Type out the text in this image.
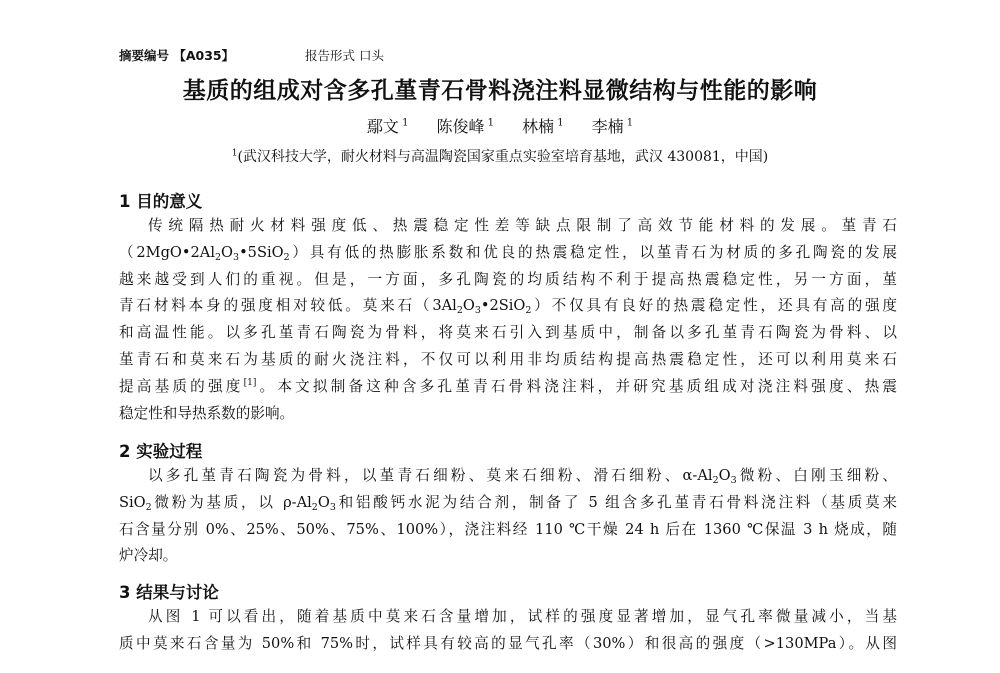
摘要编号 【A035】	报告形式 口头
基质的组成对含多孔堇青石骨料浇注料显微结构与性能的影响
鄢文 $^1$ 陈俊峰 $^1$ 林楠 $^1$ 李楠 $^1$
$^1$(武汉科技大学，耐火材料与高温陶瓷国家重点实验室培育基地，武汉 430081，中国)
1 目的意义
传统隔热耐火材料强度低、热震稳定性差等缺点限制了高效节能材料的发展。堇青石
$(2MgO•2Al_2O_3•5SiO_2)$具有低的热膨胀系数和优良的热震稳定性，以堇青石为材质的多孔陶瓷的发展
越来越受到人们的重视。但是，一方面，多孔陶瓷的均质结构不利于提高热震稳定性，另一方面，堇
青石材料本身的强度相对较低。莫来石$(3Al_2O_3•2SiO_2)$不仅具有良好的热震稳定性，还具有高的强度
和高温性能。以多孔堇青石陶瓷为骨料，将莫来石引入到基质中，制备以多孔堇青石陶瓷为骨料、以
堇青石和莫来石为基质的耐火浇注料，不仅可以利用非均质结构提高热震稳定性，还可以利用莫来石
提高基质的强度[1]。本文拟制备这种含多孔堇青石骨料浇注料，并研究基质组成对浇注料强度、热震
稳定性和导热系数的影响。
2 实验过程
以多孔堇青石陶瓷为骨料，以堇青石细粉、莫来石细粉、滑石细粉、$\alpha-Al_2O_3$微粉、白刚玉细粉、
SiO$_2$微粉为基质，以 $\rho-Al_2O_3$和铝酸钙水泥为结合剂，制备了 5 组含多孔堇青石骨料浇注料（基质莫来
石含量分别 0%、25%、50%、75%、100%），浇注料经 110 ℃干燥 24 h 后在 1360 ℃保温 3 h 烧成，随
炉冷却。
3 结果与讨论
从图 1 可以看出，随着基质中莫来石含量增加，试样的强度显著增加，显气孔率微量减小，当基
质中莫来石含量为 50%和 75%时，试样具有较高的显气孔率（30%）和很高的强度（>130MPa）。从图
